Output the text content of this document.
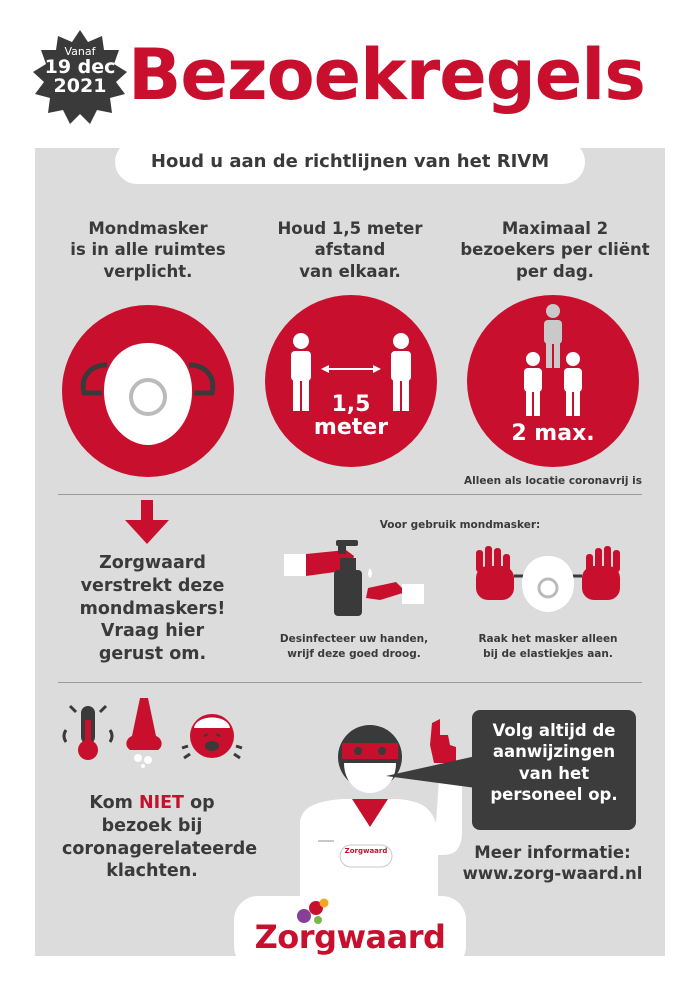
Vanaf
19 dec
2021 Bezoekregels
Houd u aan de richtlijnen van het RIVM
Mondmasker
is in alle ruimtes
verplicht.
Houd 1,5 meter
afstand
van elkaar.
Maximaal 2
bezoekers per cliënt
per dag.
1,5
meter	2 max.
Alleen als locatie coronavrij is
Zorgwaard
verstrekt deze
mondmaskers!
Vraag hier
gerust om.
Voor gebruik mondmasker:
Desinfecteer uw handen,
wrijf deze goed droog.
Raak het masker alleen
bij de elastiekjes aan.
Kom NIET op
bezoek bij
coronagerelateerde
klachten.
Zorgwaard
Volg altijd de
aanwijzingen
van het
personeel op.
Meer informatie:
www.zorg-waard.nl
Zorgwaard
